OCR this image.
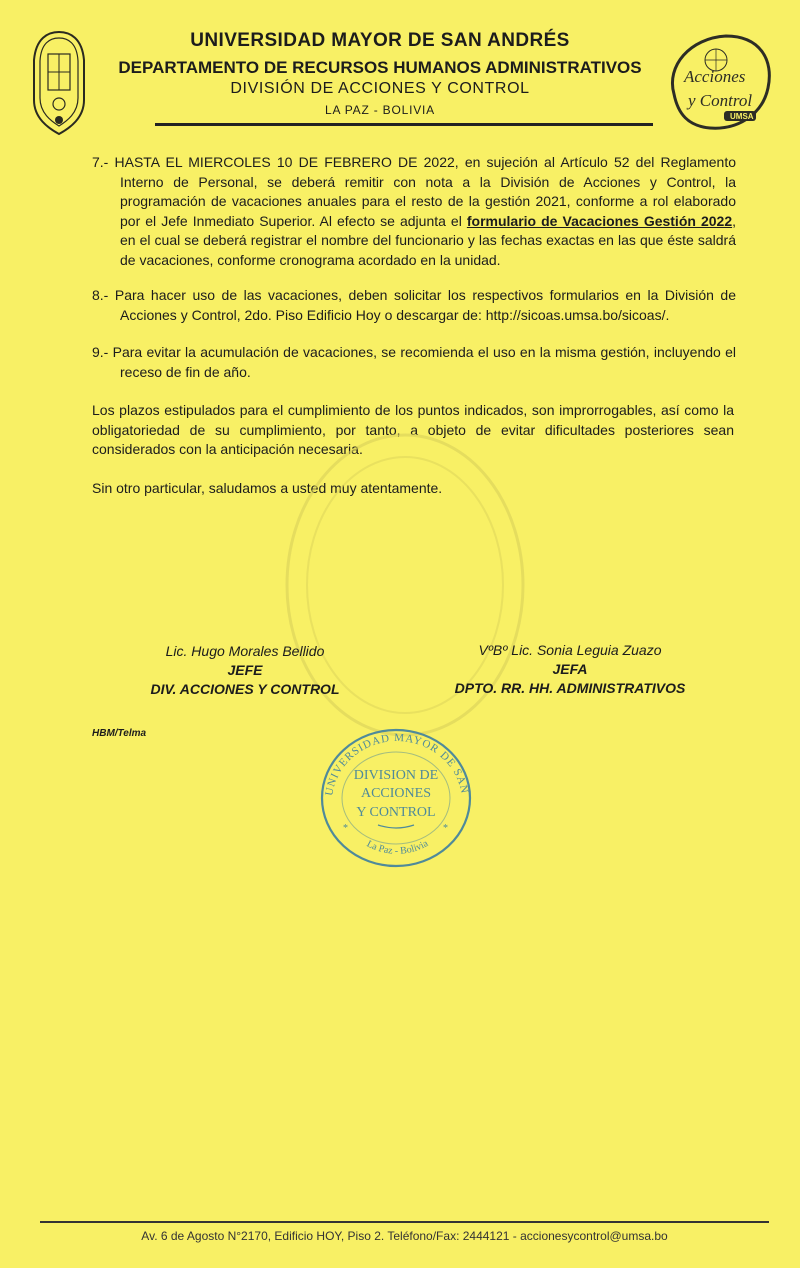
UNIVERSIDAD MAYOR DE SAN ANDRÉS
DEPARTAMENTO DE RECURSOS HUMANOS ADMINISTRATIVOS
DIVISIÓN DE ACCIONES Y CONTROL
LA PAZ - BOLIVIA
Acciones
y Control
UMSA
7.- HASTA EL MIERCOLES 10 DE FEBRERO DE 2022, en sujeción al Artículo 52 del Reglamento Interno de Personal, se deberá remitir con nota a la División de Acciones y Control, la programación de vacaciones anuales para el resto de la gestión 2021, conforme a rol elaborado por el Jefe Inmediato Superior. Al efecto se adjunta el formulario de Vacaciones Gestión 2022, en el cual se deberá registrar el nombre del funcionario y las fechas exactas en las que éste saldrá de vacaciones, conforme cronograma acordado en la unidad.
8.- Para hacer uso de las vacaciones, deben solicitar los respectivos formularios en la División de Acciones y Control, 2do. Piso Edificio Hoy o descargar de: http://sicoas.umsa.bo/sicoas/.
9.- Para evitar la acumulación de vacaciones, se recomienda el uso en la misma gestión, incluyendo el receso de fin de año.
Los plazos estipulados para el cumplimiento de los puntos indicados, son improrrogables, así como la obligatoriedad de su cumplimiento, por tanto, a objeto de evitar dificultades posteriores sean considerados con la anticipación necesaria.
Sin otro particular, saludamos a usted muy atentamente.
Lic. Hugo Morales Bellido
JEFE
DIV. ACCIONES Y CONTROL
VºBº Lic. Sonia Leguia Zuazo
JEFA
DPTO. RR. HH. ADMINISTRATIVOS
HBM/Telma
UNIVERSIDAD MAYOR DE SAN
DIVISION DE
ACCIONES
Y CONTROL
*	*
La Paz - Bolivia
Av. 6 de Agosto N°2170, Edificio HOY, Piso 2. Teléfono/Fax: 2444121 - accionesycontrol@umsa.bo
